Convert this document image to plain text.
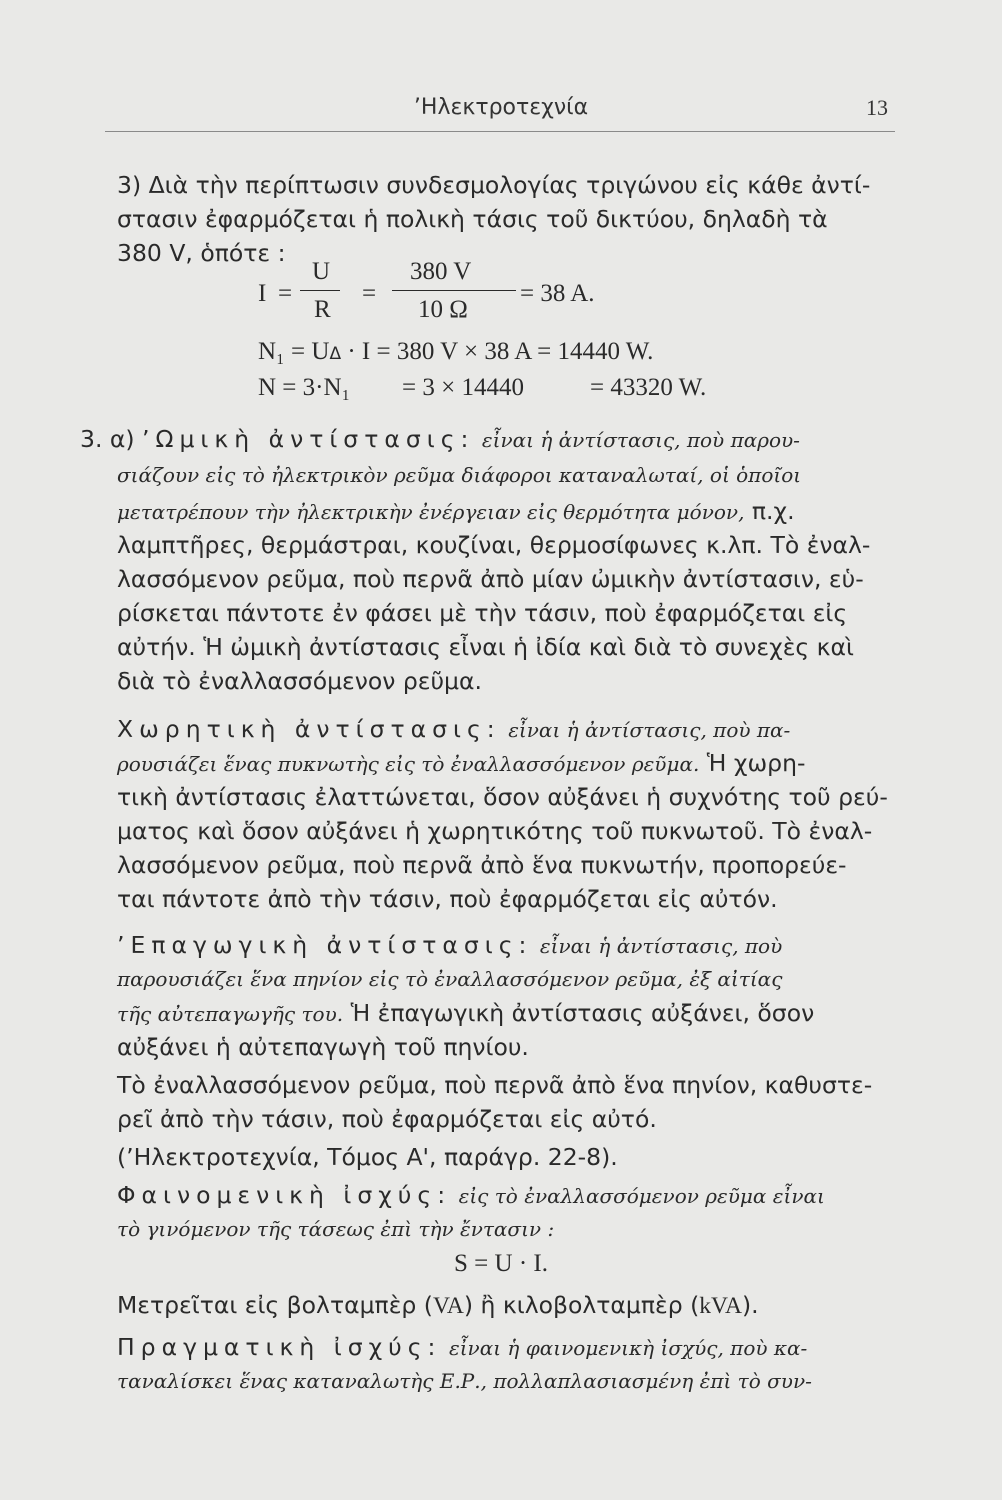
’Ηλεκτροτεχνία	13
3) Διὰ τὴν περίπτωσιν συνδεσμολογίας τριγώνου εἰς κάθε ἀντί-
στασιν ἐφαρμόζεται ἡ πολικὴ τάσις τοῦ δικτύου, δηλαδὴ τὰ
380 V, ὁπότε :
I =
U
R
=
380 V
10 Ω
= 38 A.
N₁ = UΔ · I = 380 V × 38 A = 14440 W.
N = 3·N₁ = 3 × 14440	= 43320 W.
3. α) ’Ωμικὴ ἀντίστασις: εἶναι ἡ ἀντίστασις, ποὺ παρου-
σιάζουν εἰς τὸ ἠλεκτρικὸν ρεῦμα διάφοροι καταναλωταί, οἱ ὁποῖοι
μετατρέπουν τὴν ἠλεκτρικὴν ἐνέργειαν εἰς θερμότητα μόνον, π.χ.
λαμπτῆρες, θερμάστραι, κουζίναι, θερμοσίφωνες κ.λπ. Τὸ ἐναλ-
λασσόμενον ρεῦμα, ποὺ περνᾶ ἀπὸ μίαν ὠμικὴν ἀντίστασιν, εὑ-
ρίσκεται πάντοτε ἐν φάσει μὲ τὴν τάσιν, ποὺ ἐφαρμόζεται εἰς
αὐτήν. Ἡ ὠμικὴ ἀντίστασις εἶναι ἡ ἰδία καὶ διὰ τὸ συνεχὲς καὶ
διὰ τὸ ἐναλλασσόμενον ρεῦμα.
Χωρητικὴ ἀντίστασις: εἶναι ἡ ἀντίστασις, ποὺ πα-
ρουσιάζει ἕνας πυκνωτὴς εἰς τὸ ἐναλλασσόμενον ρεῦμα. Ἡ χωρη-
τικὴ ἀντίστασις ἐλαττώνεται, ὅσον αὐξάνει ἡ συχνότης τοῦ ρεύ-
ματος καὶ ὅσον αὐξάνει ἡ χωρητικότης τοῦ πυκνωτοῦ. Τὸ ἐναλ-
λασσόμενον ρεῦμα, ποὺ περνᾶ ἀπὸ ἕνα πυκνωτήν, προπορεύε-
ται πάντοτε ἀπὸ τὴν τάσιν, ποὺ ἐφαρμόζεται εἰς αὐτόν.
’Επαγωγικὴ ἀντίστασις: εἶναι ἡ ἀντίστασις, ποὺ
παρουσιάζει ἕνα πηνίον εἰς τὸ ἐναλλασσόμενον ρεῦμα, ἐξ αἰτίας
τῆς αὐτεπαγωγῆς του. Ἡ ἐπαγωγικὴ ἀντίστασις αὐξάνει, ὅσον
αὐξάνει ἡ αὐτεπαγωγὴ τοῦ πηνίου.
Τὸ ἐναλλασσόμενον ρεῦμα, ποὺ περνᾶ ἀπὸ ἕνα πηνίον, καθυστε-
ρεῖ ἀπὸ τὴν τάσιν, ποὺ ἐφαρμόζεται εἰς αὐτό.
(’Ηλεκτροτεχνία, Τόμος Α', παράγρ. 22-8).
Φαινομενικὴ ἰσχύς: εἰς τὸ ἐναλλασσόμενον ρεῦμα εἶναι
τὸ γινόμενον τῆς τάσεως ἐπὶ τὴν ἔντασιν :
S = U · I.
Μετρεῖται εἰς βολταμπὲρ (VA) ἢ κιλοβολταμπὲρ (kVA).
Πραγματικὴ ἰσχύς: εἶναι ἡ φαινομενικὴ ἰσχύς, ποὺ κα-
ταναλίσκει ἕνας καταναλωτὴς Ε.Ρ., πολλαπλασιασμένη ἐπὶ τὸ συν-
